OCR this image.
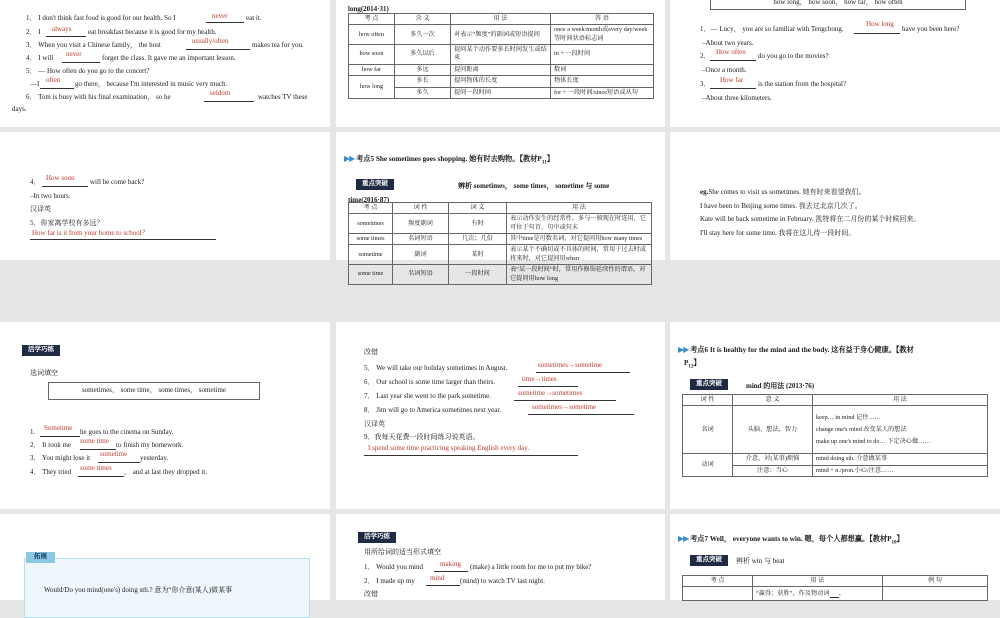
1． I don't think fast food is good for our health. So I	never	eat it.
2． I always eat breakfast because it is good for my health.
3． When you visit a Chinese family， the host	usually/often	makes tea for you.
4． I will never	forget the class. It gave me an important lesson.
5． — How often do you go to the concert?
—I often go there， because I'm interested in music very much.
6． Tom is busy with his final examination， so he	seldom	watches TV these
days.
long(2014·31)
考 点	含 义	用 法	答 语
how often	多久一次	对表示“频度”的副词或短语提问	once a week/month或every day/week等时间状语标志词
how soon	多久以后	提问某个动作要多长时间发生或结束	in + 一段时间
how far	多远	提问距离	数词
how long	多长	提问物体的长度	物体长度
	多久	提问一段时间	for + 一段时间/since短语或从句
how long， how soon， how far， how often
1．— Lucy， you are so familiar with Tengchong.
How long
have you been here?
–About two years.
2． How often do you go to the movies?
–Once a month.
3． How far is the station from the hospital?
–About three kilometers.
4． How soon will he come back?
–In two hours.
汉译英
5．你家离学校有多远？
How far is it from your home to school？
▶▶ 考点5 She sometimes goes shopping. 她有时去购物。【教材$P_{31}$】
重点突破	辨析 sometimes， some times， sometime 与 some
time(2016·87)
考 点	词 性	词 义	用 法
sometimes	频度副词	有时	表示动作发生的经常性。多与一般现在时连用，它可位于句首、句中或句末
some times	名词短语	几次；几倍	其中time是可数名词，对它提问用how many times
sometime	副词	某时	表示某个不确切或不具体的时间，常用于过去时或将来时，对它提问用when
some time	名词短语	一段时间	表“某一段时间”时，常用作修饰延续性的谓语，对它提问用how long
eg.She comes to visit us sometimes. 她有时来看望我们。
I have been to Beijing some times. 我去过北京几次了。
Kate will be back sometime in February. 凯特将在二月份的某个时候回来。
I'll stay here for some time. 我将在这儿待一段时间。
活学巧练
选词填空
sometimes， some time， some times， sometime
1. Sometime he goes to the cinema on Sunday.
2． It took me some time to finish my homework.
3． You might lose it sometime yesterday.
4． They tried some times ， and at last they dropped it.
改错
5． We will take our holiday sometimes in August.	sometimes→sometime
6． Our school is some time larger than theirs.	time→times
7． Last year she went to the park sometime.	sometime→sometimes
8． Jim will go to America sometimes next year.	sometimes→sometime
汉译英
9．我每天花费一段时间练习说英语。
I spend some time practicing speaking English every day.
▶▶ 考点6 It is healthy for the mind and the body. 这有益于身心健康。【教材
$P_{12}$】
重点突破	mind 的用法 (2013·76)
词 性	意 义	用 法
名词	头脑，想法，智力	keep… in mind 记住……
change one's mind 改变某人的想法
make up one's mind to do… 下定决心做……

动词	介意，对(某事)烦恼	mind doing sth. 介意做某事
	注意；当心	mind + n./pron.小心/注意……
拓展
Would/Do you mind(one's) doing sth.? 意为“你介意(某人)做某事
活学巧练
用所给词的适当形式填空
1． Would you mind making (make) a little room for me to put my bike?
2． I made up my mind (mind) to watch TV last night.
改错
▶▶ 考点7 Well， everyone wants to win. 嗯，每个人都想赢。【教材$P_{10}$】
重点突破	辨析 win 与 beat
考 点	用 法	例 句
	“赢得；获胜”，作及物动词 ，	
